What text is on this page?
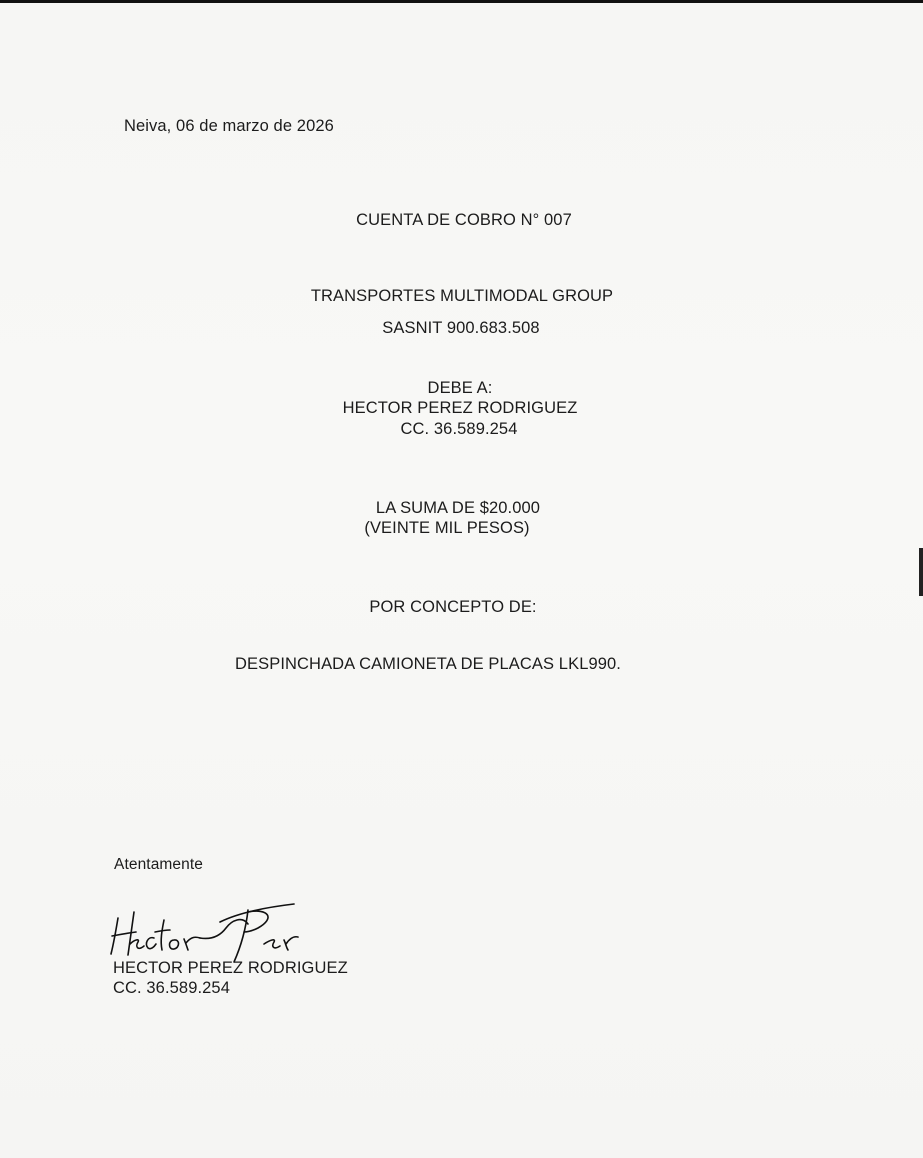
Neiva, 06 de marzo de 2026

CUENTA DE COBRO N° 007

TRANSPORTES MULTIMODAL GROUP

SASNIT 900.683.508

DEBE A:

HECTOR PEREZ RODRIGUEZ

CC. 36.589.254

LA SUMA DE $20.000

(VEINTE MIL PESOS)

POR CONCEPTO DE:

DESPINCHADA CAMIONETA DE PLACAS LKL990.

Atentamente

HECTOR PEREZ RODRIGUEZ

CC. 36.589.254
